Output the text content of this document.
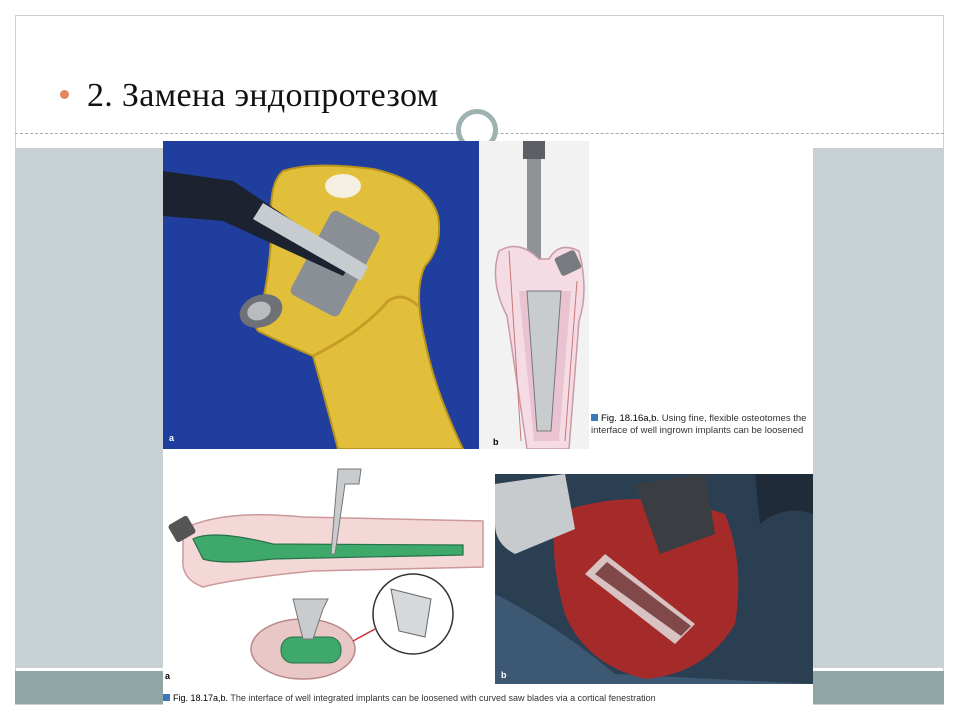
2. Замена эндопротезом
a	b
Fig. 18.16a,b. Using fine, flexible osteotomes the interface of well ingrown implants can be loosened
a	b
Fig. 18.17a,b. The interface of well integrated implants can be loosened with curved saw blades via a cortical fenestration
